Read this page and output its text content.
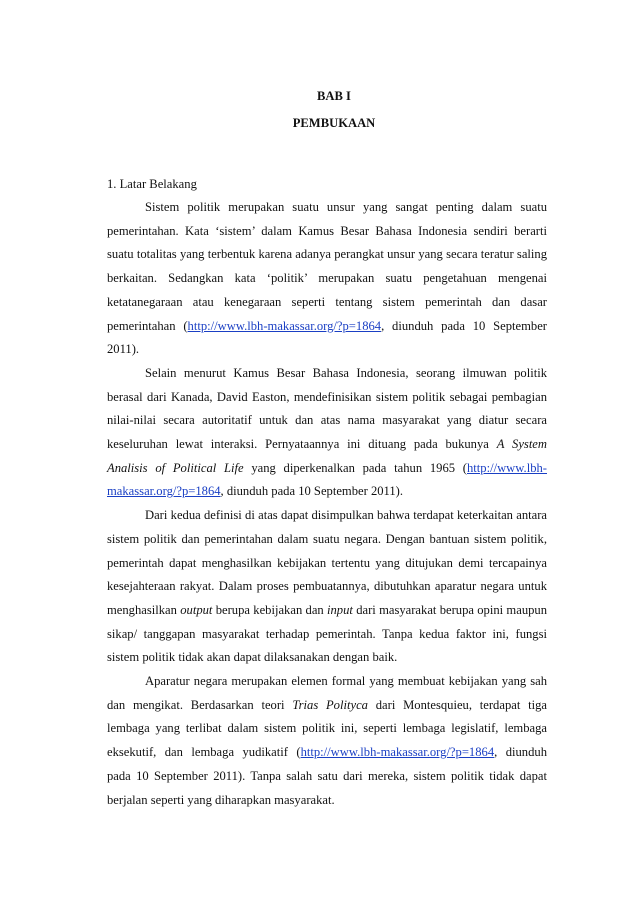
BAB I
PEMBUKAAN
1. Latar Belakang

Sistem politik merupakan suatu unsur yang sangat penting dalam suatu pemerintahan. Kata ‘sistem’ dalam Kamus Besar Bahasa Indonesia sendiri berarti suatu totalitas yang terbentuk karena adanya perangkat unsur yang secara teratur saling berkaitan. Sedangkan kata ‘politik’ merupakan suatu pengetahuan mengenai ketatanegaraan atau kenegaraan seperti tentang sistem pemerintah dan dasar pemerintahan (http://www.lbh-makassar.org/?p=1864, diunduh pada 10 September 2011).

Selain menurut Kamus Besar Bahasa Indonesia, seorang ilmuwan politik berasal dari Kanada, David Easton, mendefinisikan sistem politik sebagai pembagian nilai-nilai secara autoritatif untuk dan atas nama masyarakat yang diatur secara keseluruhan lewat interaksi. Pernyataannya ini dituang pada bukunya A System Analisis of Political Life yang diperkenalkan pada tahun 1965 (http://www.lbh-makassar.org/?p=1864, diunduh pada 10 September 2011).

Dari kedua definisi di atas dapat disimpulkan bahwa terdapat keterkaitan antara sistem politik dan pemerintahan dalam suatu negara. Dengan bantuan sistem politik, pemerintah dapat menghasilkan kebijakan tertentu yang ditujukan demi tercapainya kesejahteraan rakyat. Dalam proses pembuatannya, dibutuhkan aparatur negara untuk menghasilkan output berupa kebijakan dan input dari masyarakat berupa opini maupun sikap/ tanggapan masyarakat terhadap pemerintah. Tanpa kedua faktor ini, fungsi sistem politik tidak akan dapat dilaksanakan dengan baik.

Aparatur negara merupakan elemen formal yang membuat kebijakan yang sah dan mengikat. Berdasarkan teori Trias Polityca dari Montesquieu, terdapat tiga lembaga yang terlibat dalam sistem politik ini, seperti lembaga legislatif, lembaga eksekutif, dan lembaga yudikatif (http://www.lbh-makassar.org/?p=1864, diunduh pada 10 September 2011). Tanpa salah satu dari mereka, sistem politik tidak dapat berjalan seperti yang diharapkan masyarakat.
